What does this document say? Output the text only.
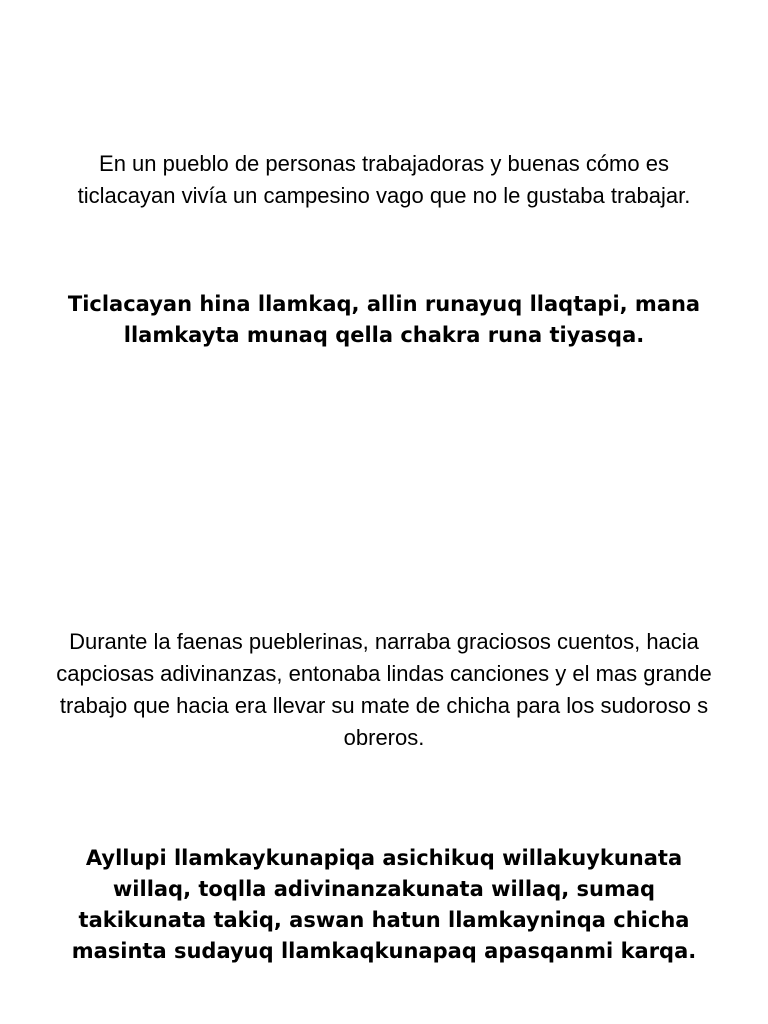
En un pueblo de personas trabajadoras y buenas cómo es ticlacayan vivía un campesino vago que no le gustaba trabajar.

Ticlacayan hina llamkaq, allin runayuq llaqtapi, mana llamkayta munaq qella chakra runa tiyasqa.

Durante la faenas pueblerinas, narraba graciosos cuentos, hacia capciosas adivinanzas, entonaba lindas canciones y el mas grande trabajo que hacia era llevar su mate de chicha para los sudoroso s obreros.

Ayllupi llamkaykunapiqa asichikuq willakuykunata willaq, toqlla adivinanzakunata willaq, sumaq takikunata takiq, aswan hatun llamkayninqa chicha masinta sudayuq llamkaqkunapaq apasqanmi karqa.
